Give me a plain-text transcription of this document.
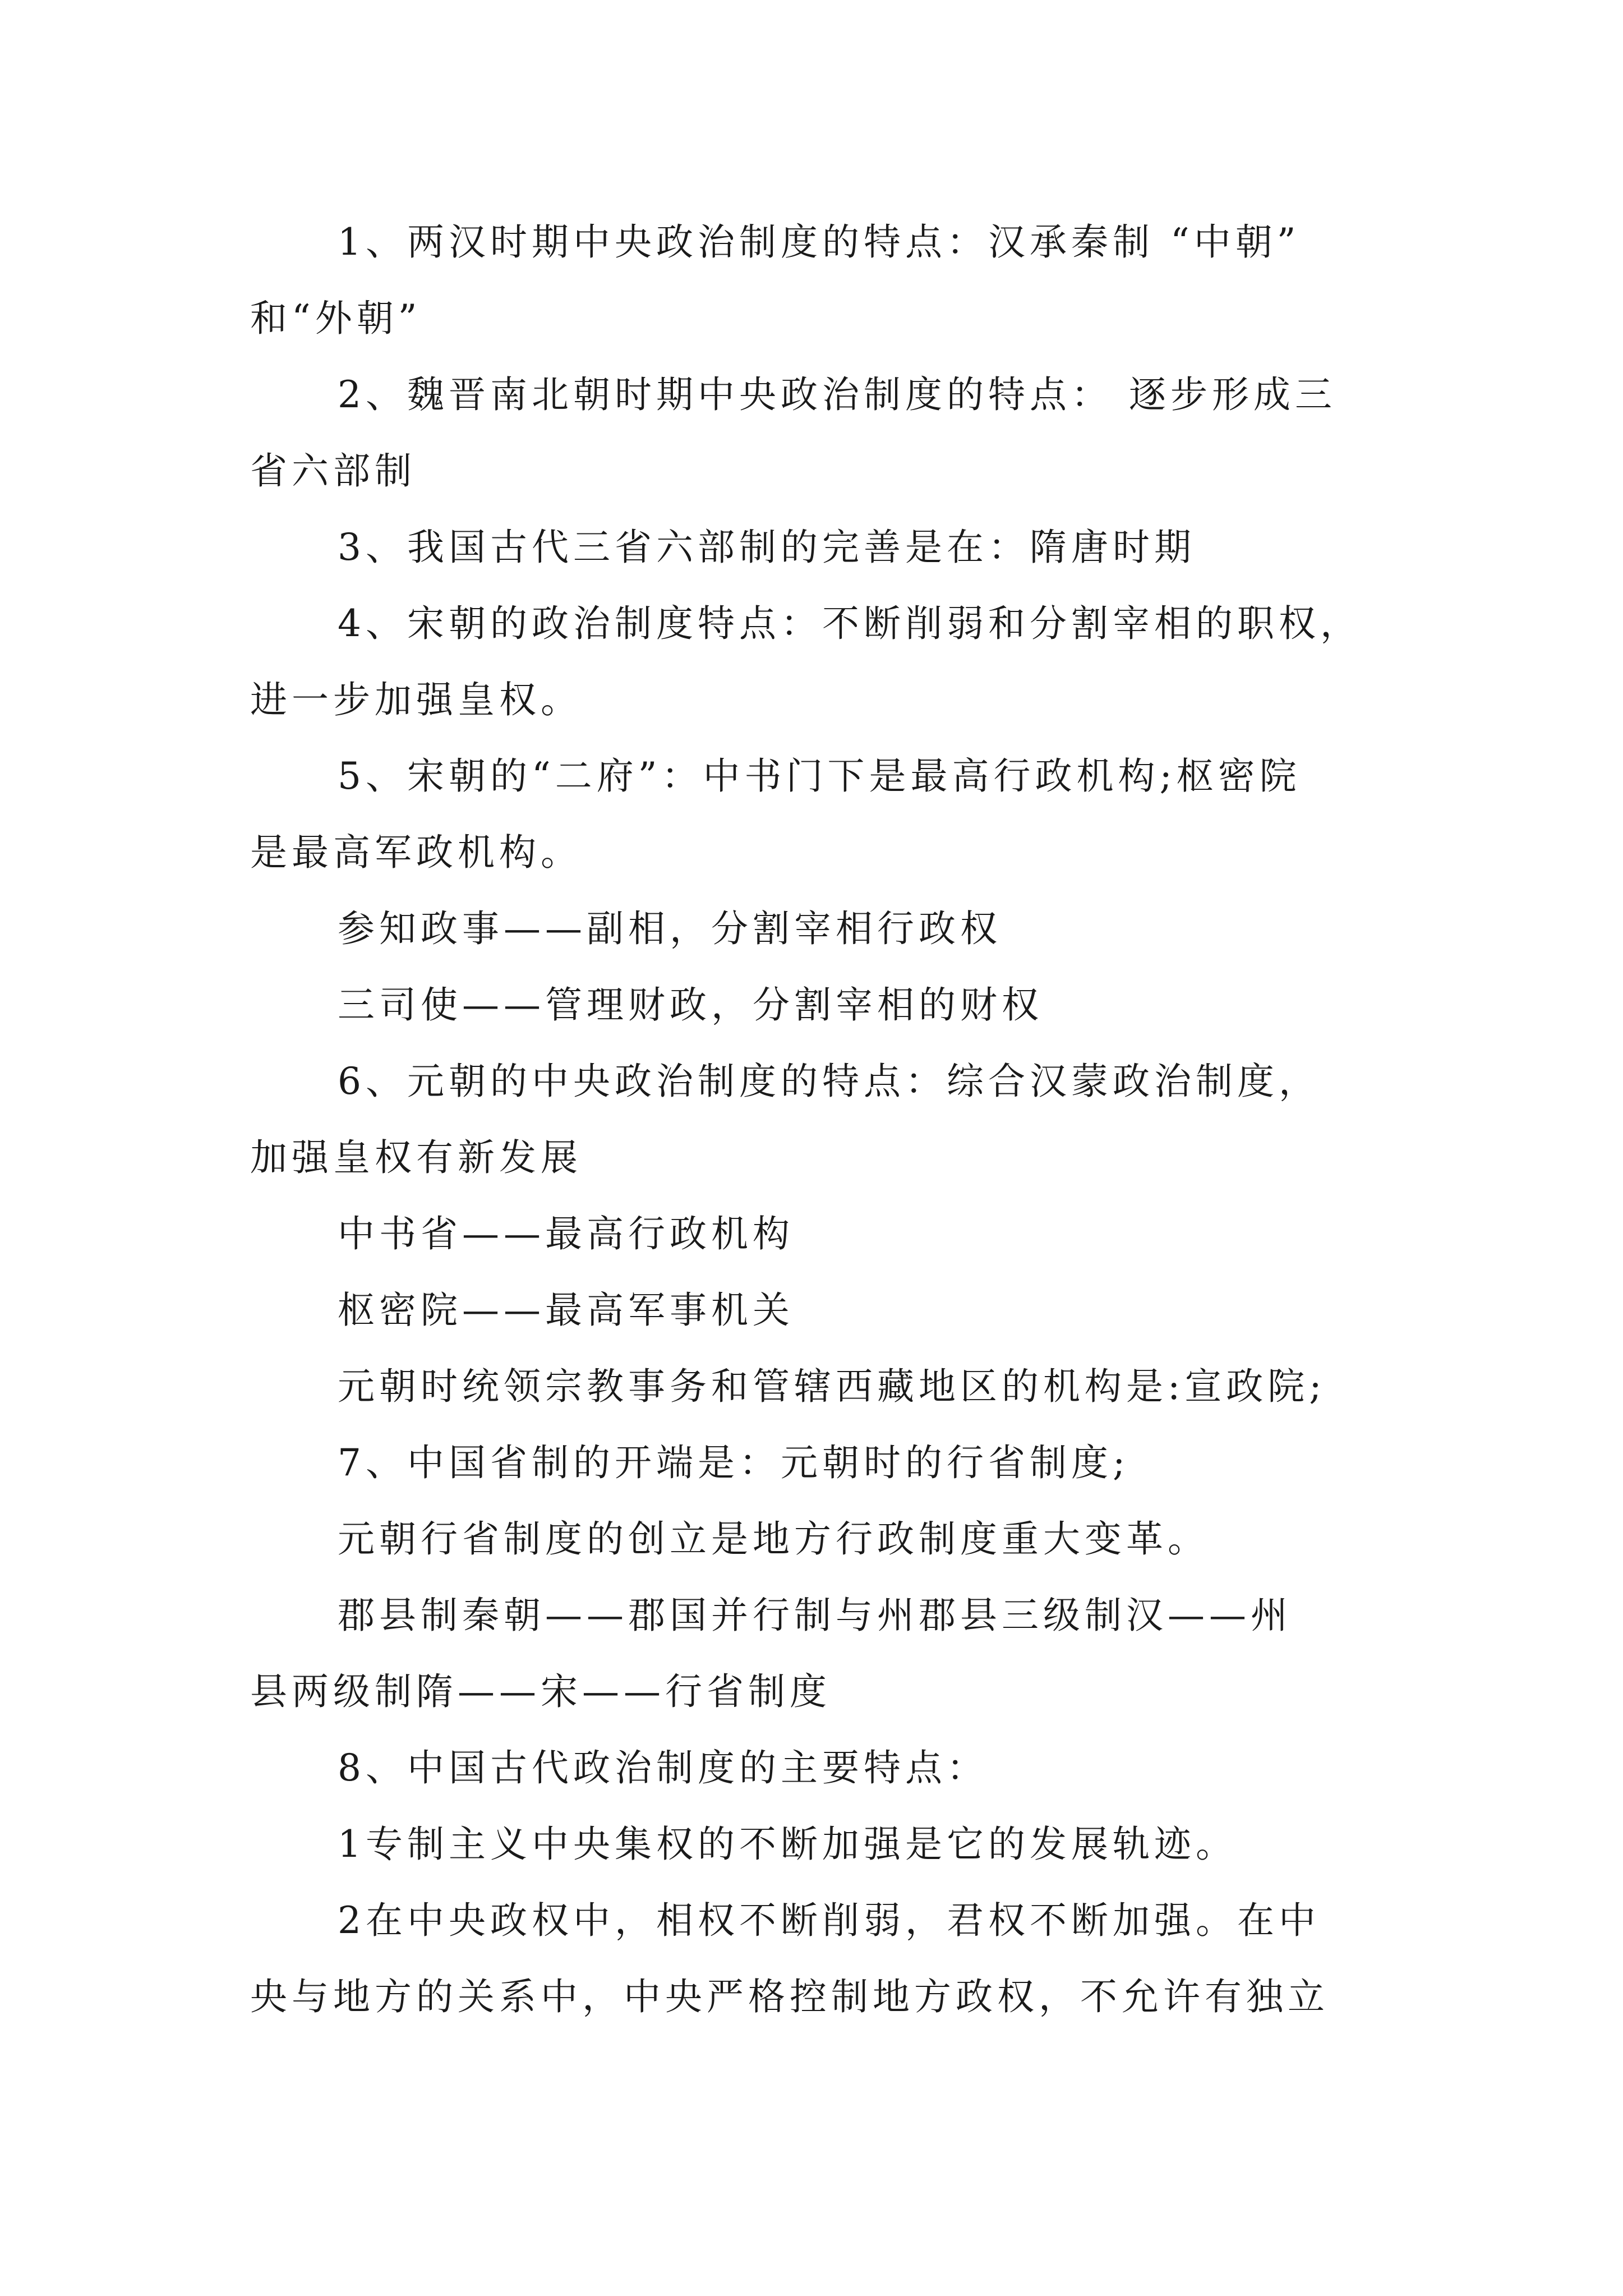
1、两汉时期中央政治制度的特点：汉承秦制 “中朝”
和“外朝”
2、魏晋南北朝时期中央政治制度的特点： 逐步形成三
省六部制
3、我国古代三省六部制的完善是在：隋唐时期
4、宋朝的政治制度特点：不断削弱和分割宰相的职权，
进一步加强皇权。
5、宋朝的“二府”：中书门下是最高行政机构;枢密院
是最高军政机构。
参知政事——副相，分割宰相行政权
三司使——管理财政，分割宰相的财权
6、元朝的中央政治制度的特点：综合汉蒙政治制度，
加强皇权有新发展
中书省——最高行政机构
枢密院——最高军事机关
元朝时统领宗教事务和管辖西藏地区的机构是:宣政院;
7、中国省制的开端是：元朝时的行省制度;
元朝行省制度的创立是地方行政制度重大变革。
郡县制秦朝——郡国并行制与州郡县三级制汉——州
县两级制隋——宋——行省制度
8、中国古代政治制度的主要特点：
1专制主义中央集权的不断加强是它的发展轨迹。
2在中央政权中，相权不断削弱，君权不断加强。在中
央与地方的关系中，中央严格控制地方政权，不允许有独立
